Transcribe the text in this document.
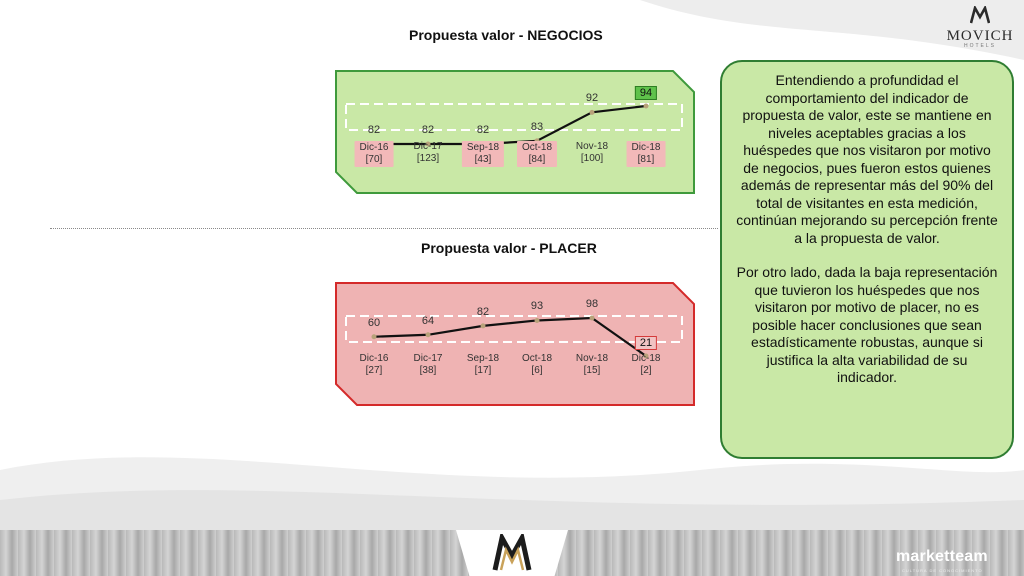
MOVICH
HOTELS
Propuesta valor - NEGOCIOS
Propuesta valor - PLACER
82
Dic-16
[70]
82
Dic-17
[123]
82
Sep-18
[43]
83
Oct-18
[84]
92
Nov-18
[100]
94
Dic-18
[81]
60
Dic-16
[27]
64
Dic-17
[38]
82
Sep-18
[17]
93
Oct-18
[6]
98
Nov-18
[15]
21
Dic-18
[2]

Entendiendo a profundidad el comportamiento del indicador de propuesta de valor, este se mantiene en niveles aceptables gracias a los huéspedes que nos visitaron por motivo de negocios, pues fueron estos quienes además de representar más del 90% del total de visitantes en esta medición, continúan mejorando su percepción frente a la propuesta de valor.

Por otro lado, dada la baja representación que tuvieron los huéspedes que nos visitaron por motivo de placer, no es posible hacer conclusiones que sean estadísticamente robustas, aunque si justifica la alta variabilidad de su indicador.

marketteam
CULTURA DE CONOCIMIENTO
